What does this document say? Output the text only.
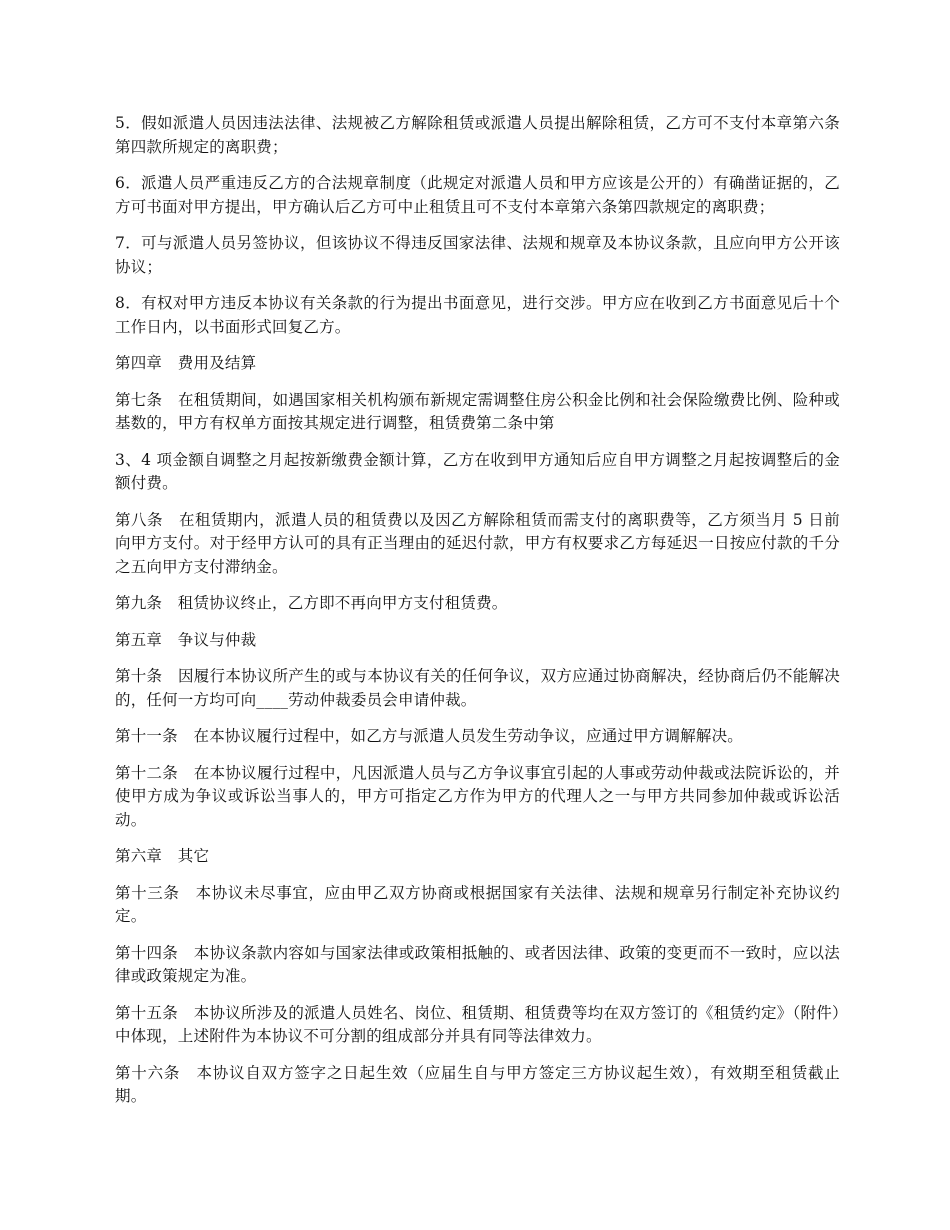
5．假如派遣人员因违法法律、法规被乙方解除租赁或派遣人员提出解除租赁，乙方可不支付本章第六条第四款所规定的离职费；

6．派遣人员严重违反乙方的合法规章制度（此规定对派遣人员和甲方应该是公开的）有确凿证据的，乙方可书面对甲方提出，甲方确认后乙方可中止租赁且可不支付本章第六条第四款规定的离职费；

7．可与派遣人员另签协议，但该协议不得违反国家法律、法规和规章及本协议条款，且应向甲方公开该协议；

8．有权对甲方违反本协议有关条款的行为提出书面意见，进行交涉。甲方应在收到乙方书面意见后十个工作日内，以书面形式回复乙方。

第四章　费用及结算

第七条　在租赁期间，如遇国家相关机构颁布新规定需调整住房公积金比例和社会保险缴费比例、险种或基数的，甲方有权单方面按其规定进行调整，租赁费第二条中第

3、4 项金额自调整之月起按新缴费金额计算，乙方在收到甲方通知后应自甲方调整之月起按调整后的金额付费。

第八条　在租赁期内，派遣人员的租赁费以及因乙方解除租赁而需支付的离职费等，乙方须当月 5 日前向甲方支付。对于经甲方认可的具有正当理由的延迟付款，甲方有权要求乙方每延迟一日按应付款的千分之五向甲方支付滞纳金。

第九条　租赁协议终止，乙方即不再向甲方支付租赁费。

第五章　争议与仲裁

第十条　因履行本协议所产生的或与本协议有关的任何争议，双方应通过协商解决，经协商后仍不能解决的，任何一方均可向____劳动仲裁委员会申请仲裁。

第十一条　在本协议履行过程中，如乙方与派遣人员发生劳动争议，应通过甲方调解解决。

第十二条　在本协议履行过程中，凡因派遣人员与乙方争议事宜引起的人事或劳动仲裁或法院诉讼的，并使甲方成为争议或诉讼当事人的，甲方可指定乙方作为甲方的代理人之一与甲方共同参加仲裁或诉讼活动。

第六章　其它

第十三条　本协议未尽事宜，应由甲乙双方协商或根据国家有关法律、法规和规章另行制定补充协议约定。

第十四条　本协议条款内容如与国家法律或政策相抵触的、或者因法律、政策的变更而不一致时，应以法律或政策规定为准。

第十五条　本协议所涉及的派遣人员姓名、岗位、租赁期、租赁费等均在双方签订的《租赁约定》（附件）中体现，上述附件为本协议不可分割的组成部分并具有同等法律效力。

第十六条　本协议自双方签字之日起生效（应届生自与甲方签定三方协议起生效），有效期至租赁截止期。
